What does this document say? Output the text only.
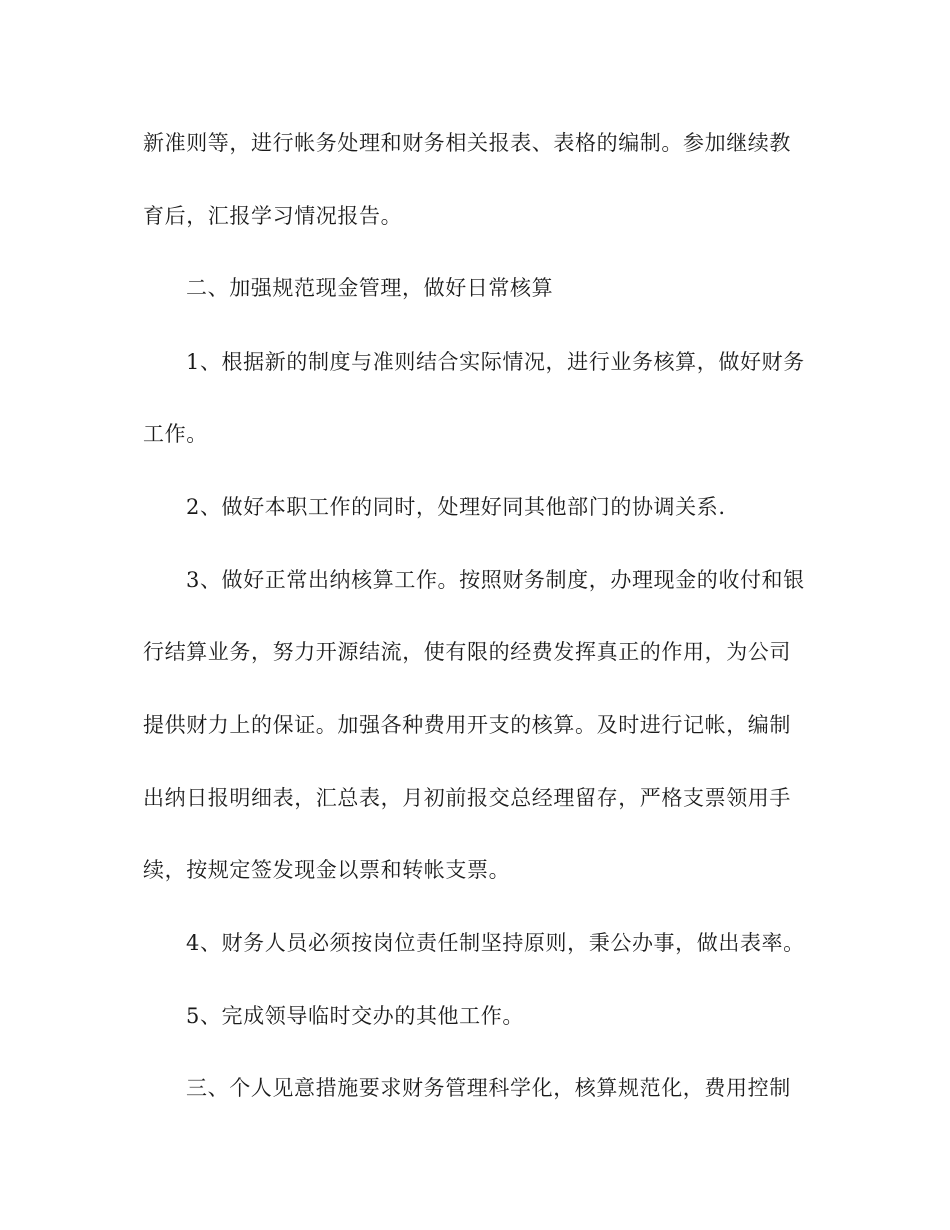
新准则等，进行帐务处理和财务相关报表、表格的编制。参加继续教
育后，汇报学习情况报告。
二、加强规范现金管理，做好日常核算
1、根据新的制度与准则结合实际情况，进行业务核算，做好财务
工作。
2、做好本职工作的同时，处理好同其他部门的协调关系.
3、做好正常出纳核算工作。按照财务制度，办理现金的收付和银
行结算业务，努力开源结流，使有限的经费发挥真正的作用，为公司
提供财力上的保证。加强各种费用开支的核算。及时进行记帐，编制
出纳日报明细表，汇总表，月初前报交总经理留存，严格支票领用手
续，按规定签发现金以票和转帐支票。
4、财务人员必须按岗位责任制坚持原则，秉公办事，做出表率。
5、完成领导临时交办的其他工作。
三、个人见意措施要求财务管理科学化，核算规范化，费用控制
